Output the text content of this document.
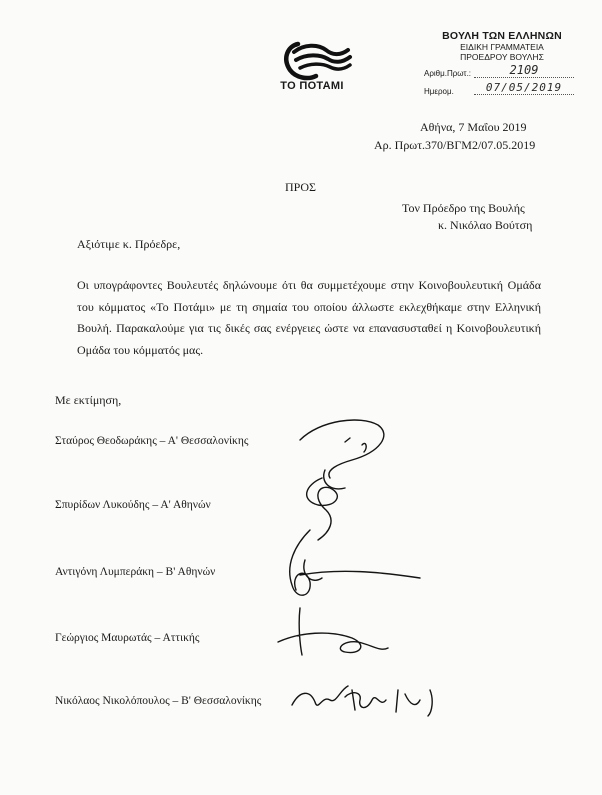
ΤΟ ΠΟΤΑΜΙ
ΒΟΥΛΗ ΤΩΝ ΕΛΛΗΝΩΝ
ΕΙΔΙΚΗ ΓΡΑΜΜΑΤΕΙΑ
ΠΡΟΕΔΡΟΥ ΒΟΥΛΗΣ
Αριθμ.Πρωτ.:	2109
Ημερομ.	07/05/2019
Αθήνα, 7 Μαΐου 2019
Αρ. Πρωτ.370/ΒΓΜ2/07.05.2019
ΠΡΟΣ
Τον Πρόεδρο της Βουλής
κ. Νικόλαο Βούτση
Αξιότιμε κ. Πρόεδρε,
Οι υπογράφοντες Βουλευτές δηλώνουμε ότι θα συμμετέχουμε στην Κοινοβουλευτική Ομάδα του κόμματος «Το Ποτάμι» με τη σημαία του οποίου άλλωστε εκλεχθήκαμε στην Ελληνική Βουλή. Παρακαλούμε για τις δικές σας ενέργειες ώστε να επανασυσταθεί η Κοινοβουλευτική Ομάδα του κόμματός μας.
Με εκτίμηση,
Σταύρος Θεοδωράκης – Α' Θεσσαλονίκης
Σπυρίδων Λυκούδης – Α' Αθηνών
Αντιγόνη Λυμπεράκη – Β' Αθηνών
Γεώργιος Μαυρωτάς – Αττικής
Νικόλαος Νικολόπουλος – Β' Θεσσαλονίκης
